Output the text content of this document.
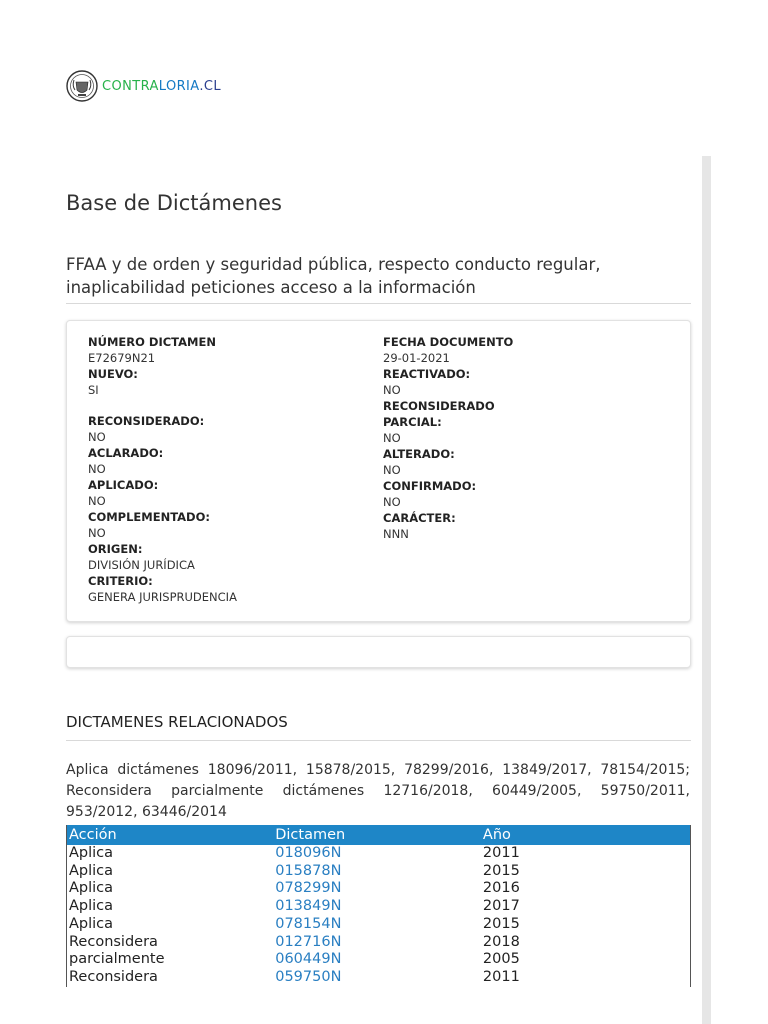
CONTRALORIA.CL
Base de Dictámenes
FFAA y de orden y seguridad pública, respecto conducto regular, inaplicabilidad peticiones acceso a la información
NÚMERO DICTAMEN
E72679N21
NUEVO:
SI
RECONSIDERADO:
NO
ACLARADO:
NO
APLICADO:
NO
COMPLEMENTADO:
NO
ORIGEN:
DIVISIÓN JURÍDICA
CRITERIO:
GENERA JURISPRUDENCIA
FECHA DOCUMENTO
29-01-2021
REACTIVADO:
NO
RECONSIDERADO
PARCIAL:
NO
ALTERADO:
NO
CONFIRMADO:
NO
CARÁCTER:
NNN
DICTAMENES RELACIONADOS
Aplica dictámenes 18096/2011, 15878/2015, 78299/2016, 13849/2017, 78154/2015; Reconsidera parcialmente dictámenes 12716/2018, 60449/2005, 59750/2011, 953/2012, 63446/2014
Acción	Dictamen	Año
Aplica	018096N	2011
Aplica	015878N	2015
Aplica	078299N	2016
Aplica	013849N	2017
Aplica	078154N	2015
Reconsidera	012716N	2018
parcialmente	060449N	2005
Reconsidera	059750N	2011
